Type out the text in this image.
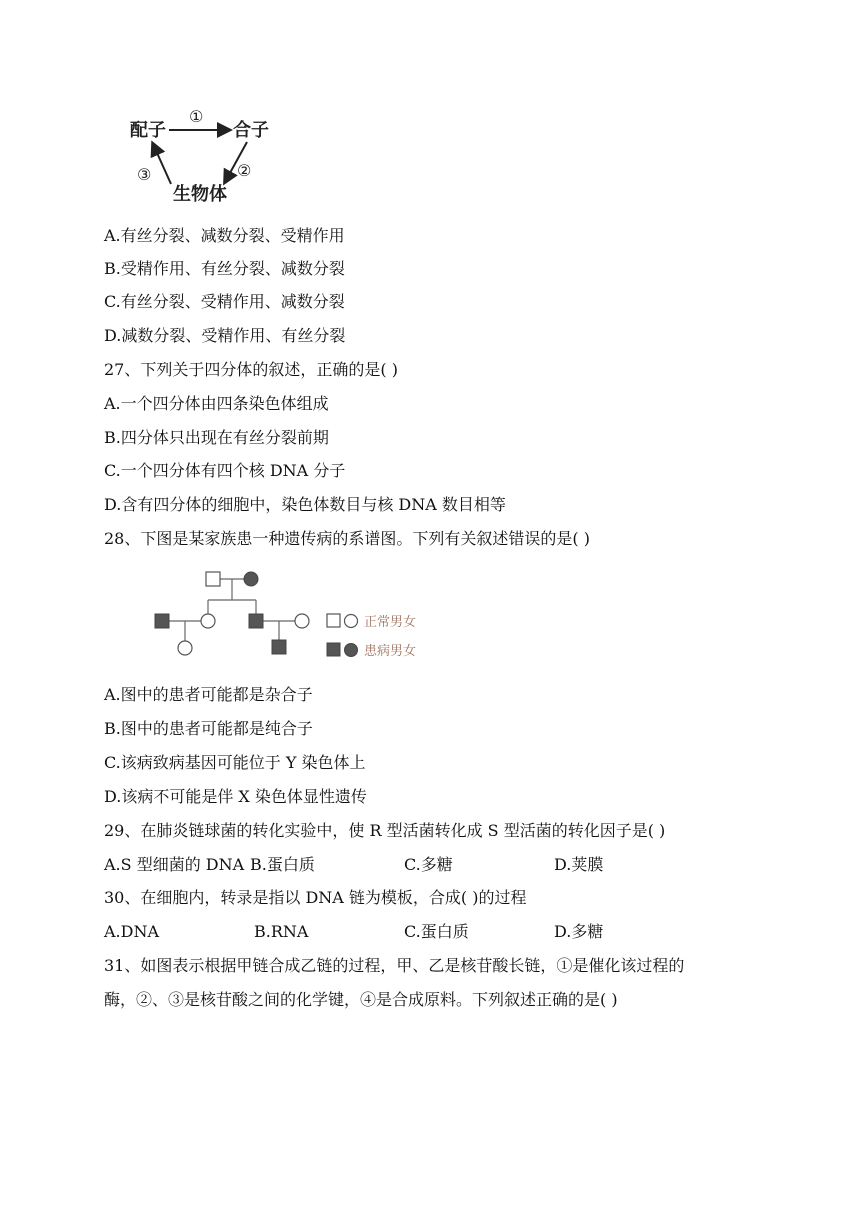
配子	合子
生物体
①
②
③
A.有丝分裂、减数分裂、受精作用
B.受精作用、有丝分裂、减数分裂
C.有丝分裂、受精作用、减数分裂
D.减数分裂、受精作用、有丝分裂
27、下列关于四分体的叙述，正确的是( )
A.一个四分体由四条染色体组成
B.四分体只出现在有丝分裂前期
C.一个四分体有四个核 DNA 分子
D.含有四分体的细胞中，染色体数目与核 DNA 数目相等
28、下图是某家族患一种遗传病的系谱图。下列有关叙述错误的是( )
正常男女
患病男女
A.图中的患者可能都是杂合子
B.图中的患者可能都是纯合子
C.该病致病基因可能位于 Y 染色体上
D.该病不可能是伴 X 染色体显性遗传
29、在肺炎链球菌的转化实验中，使 R 型活菌转化成 S 型活菌的转化因子是( )
A.S 型细菌的 DNA B.蛋白质	C.多糖	D.荚膜
30、在细胞内，转录是指以 DNA 链为模板，合成( )的过程
A.DNA	B.RNA	C.蛋白质	D.多糖
31、如图表示根据甲链合成乙链的过程，甲、乙是核苷酸长链，①是催化该过程的
酶，②、③是核苷酸之间的化学键，④是合成原料。下列叙述正确的是( )
